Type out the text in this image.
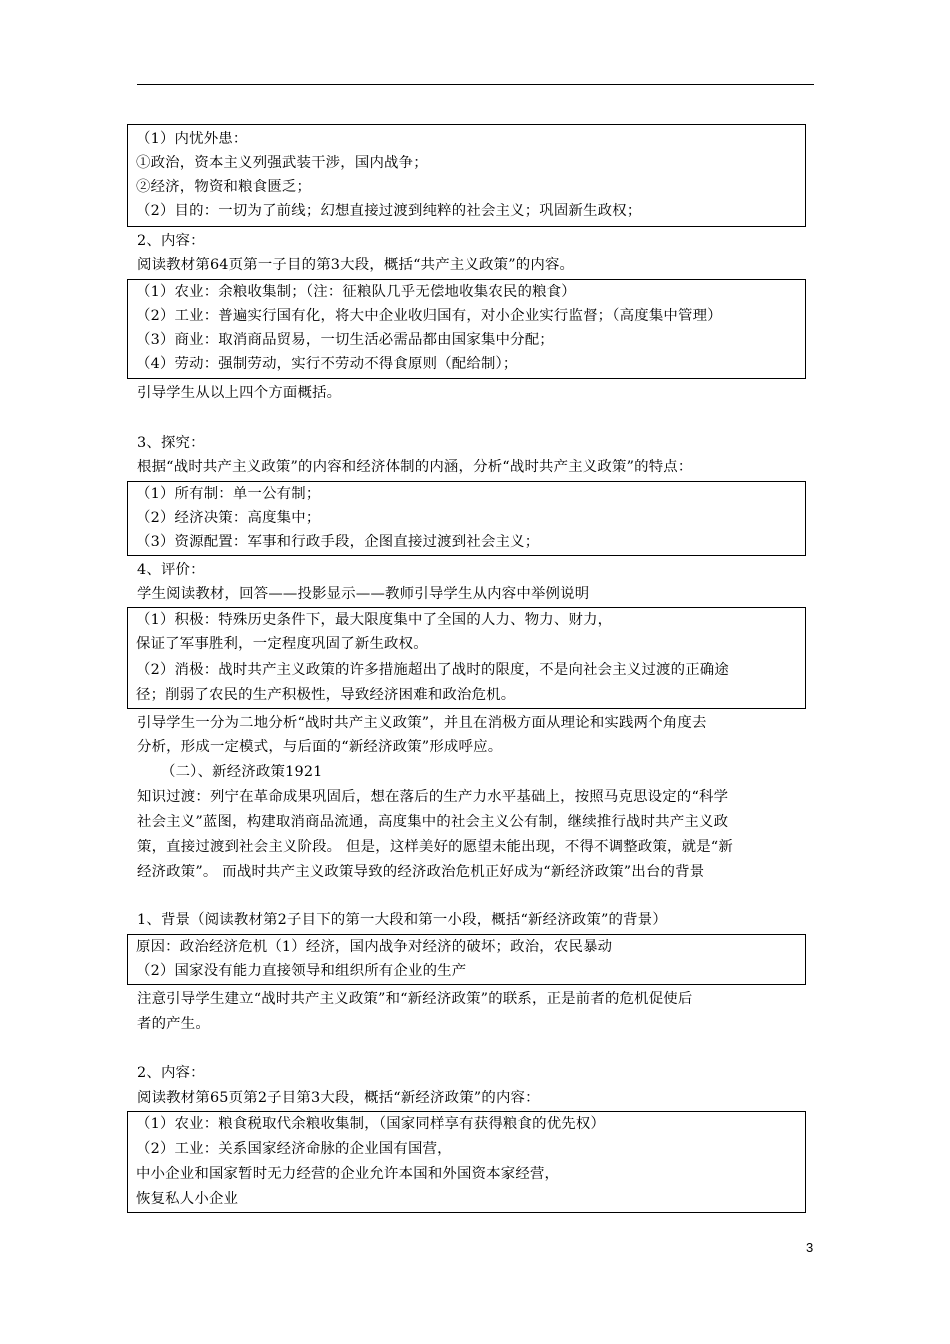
（1）内忧外患：
①政治，资本主义列强武装干涉，国内战争；
②经济，物资和粮食匮乏；
（2）目的：一切为了前线；幻想直接过渡到纯粹的社会主义；巩固新生政权；
2、内容：
阅读教材第64页第一子目的第3大段，概括“共产主义政策”的内容。
（1）农业：余粮收集制；（注：征粮队几乎无偿地收集农民的粮食）
（2）工业：普遍实行国有化，将大中企业收归国有，对小企业实行监督；（高度集中管理）
（3）商业：取消商品贸易，一切生活必需品都由国家集中分配；
（4）劳动：强制劳动，实行不劳动不得食原则（配给制）；
引导学生从以上四个方面概括。
3、探究：
根据“战时共产主义政策”的内容和经济体制的内涵，分析“战时共产主义政策”的特点：
（1）所有制：单一公有制；
（2）经济决策：高度集中；
（3）资源配置：军事和行政手段，企图直接过渡到社会主义；
4、评价：
学生阅读教材，回答——投影显示——教师引导学生从内容中举例说明
（1）积极：特殊历史条件下，最大限度集中了全国的人力、物力、财力，
保证了军事胜利，一定程度巩固了新生政权。
（2）消极：战时共产主义政策的许多措施超出了战时的限度，不是向社会主义过渡的正确途
径；削弱了农民的生产积极性，导致经济困难和政治危机。
引导学生一分为二地分析“战时共产主义政策”，并且在消极方面从理论和实践两个角度去
分析，形成一定模式，与后面的“新经济政策”形成呼应。
（二）、新经济政策1921
知识过渡：列宁在革命成果巩固后，想在落后的生产力水平基础上，按照马克思设定的“科学
社会主义”蓝图，构建取消商品流通，高度集中的社会主义公有制，继续推行战时共产主义政
策，直接过渡到社会主义阶段。 但是，这样美好的愿望未能出现，不得不调整政策，就是“新
经济政策”。 而战时共产主义政策导致的经济政治危机正好成为“新经济政策”出台的背景
1、背景（阅读教材第2子目下的第一大段和第一小段，概括“新经济政策”的背景）
原因：政治经济危机（1）经济，国内战争对经济的破坏；政治，农民暴动
（2）国家没有能力直接领导和组织所有企业的生产
注意引导学生建立“战时共产主义政策”和“新经济政策”的联系，正是前者的危机促使后
者的产生。
2、内容：
阅读教材第65页第2子目第3大段，概括“新经济政策”的内容：
（1）农业：粮食税取代余粮收集制，（国家同样享有获得粮食的优先权）
（2）工业：关系国家经济命脉的企业国有国营，
中小企业和国家暂时无力经营的企业允许本国和外国资本家经营，
恢复私人小企业
3
